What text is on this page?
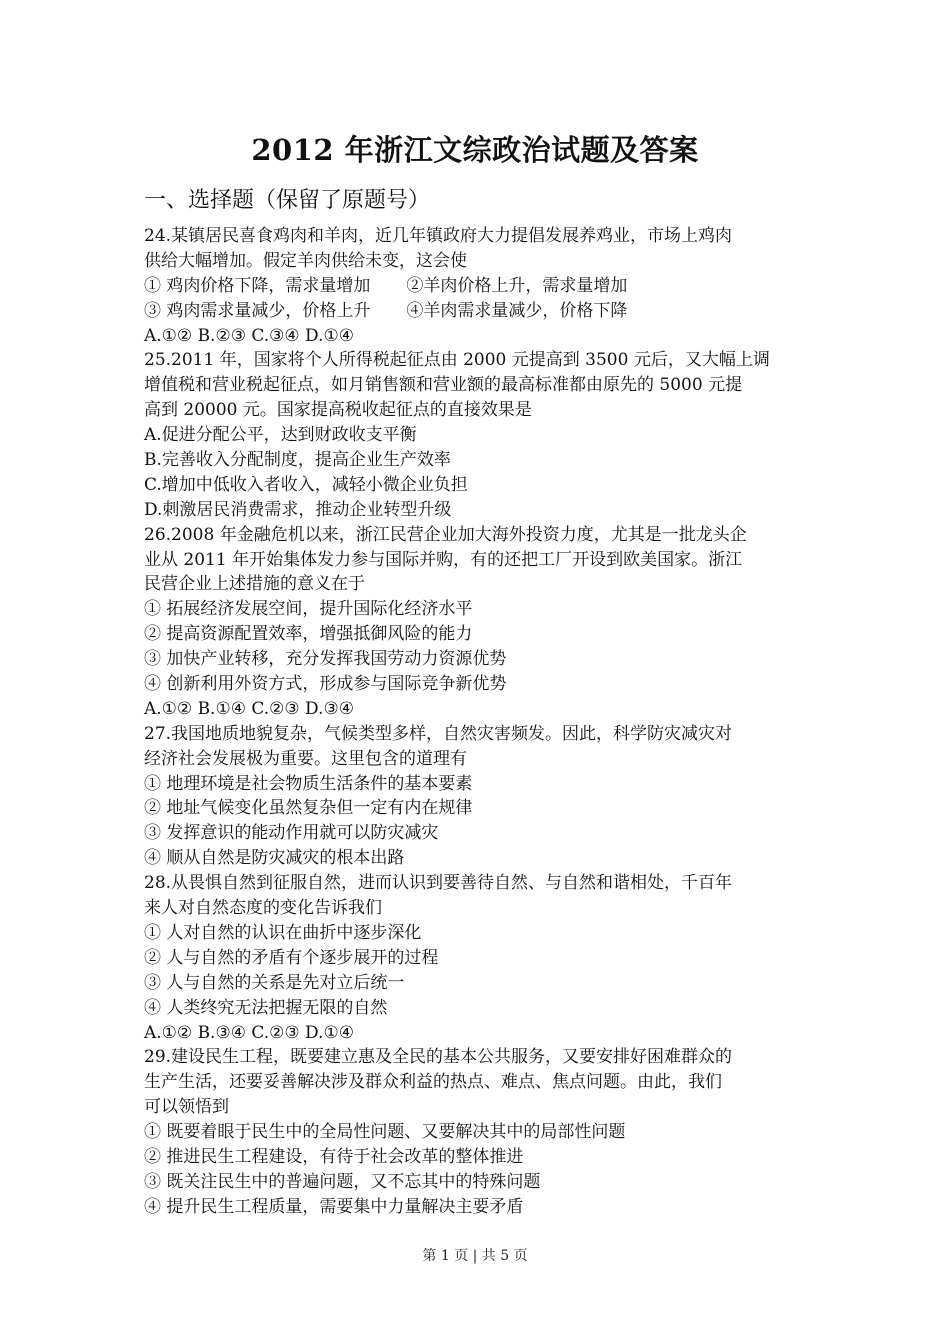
2012 年浙江文综政治试题及答案
一、选择题（保留了原题号）
24.某镇居民喜食鸡肉和羊肉，近几年镇政府大力提倡发展养鸡业，市场上鸡肉
供给大幅增加。假定羊肉供给未变，这会使
① 鸡肉价格下降，需求量增加 ②羊肉价格上升，需求量增加
③ 鸡肉需求量减少，价格上升 ④羊肉需求量减少，价格下降
A.①② B.②③ C.③④ D.①④
25.2011 年，国家将个人所得税起征点由 2000 元提高到 3500 元后，又大幅上调
增值税和营业税起征点，如月销售额和营业额的最高标准都由原先的 5000 元提
高到 20000 元。国家提高税收起征点的直接效果是
A.促进分配公平，达到财政收支平衡
B.完善收入分配制度，提高企业生产效率
C.增加中低收入者收入，减轻小微企业负担
D.刺激居民消费需求，推动企业转型升级
26.2008 年金融危机以来，浙江民营企业加大海外投资力度，尤其是一批龙头企
业从 2011 年开始集体发力参与国际并购，有的还把工厂开设到欧美国家。浙江
民营企业上述措施的意义在于
① 拓展经济发展空间，提升国际化经济水平
② 提高资源配置效率，增强抵御风险的能力
③ 加快产业转移，充分发挥我国劳动力资源优势
④ 创新利用外资方式，形成参与国际竞争新优势
A.①② B.①④ C.②③ D.③④
27.我国地质地貌复杂，气候类型多样，自然灾害频发。因此，科学防灾减灾对
经济社会发展极为重要。这里包含的道理有
① 地理环境是社会物质生活条件的基本要素
② 地址气候变化虽然复杂但一定有内在规律
③ 发挥意识的能动作用就可以防灾减灾
④ 顺从自然是防灾减灾的根本出路
28.从畏惧自然到征服自然，进而认识到要善待自然、与自然和谐相处，千百年
来人对自然态度的变化告诉我们
① 人对自然的认识在曲折中逐步深化
② 人与自然的矛盾有个逐步展开的过程
③ 人与自然的关系是先对立后统一
④ 人类终究无法把握无限的自然
A.①② B.③④ C.②③ D.①④
29.建设民生工程，既要建立惠及全民的基本公共服务，又要安排好困难群众的
生产生活，还要妥善解决涉及群众利益的热点、难点、焦点问题。由此，我们
可以领悟到
① 既要着眼于民生中的全局性问题、又要解决其中的局部性问题
② 推进民生工程建设，有待于社会改革的整体推进
③ 既关注民生中的普遍问题，又不忘其中的特殊问题
④ 提升民生工程质量，需要集中力量解决主要矛盾
第 1 页 | 共 5 页
